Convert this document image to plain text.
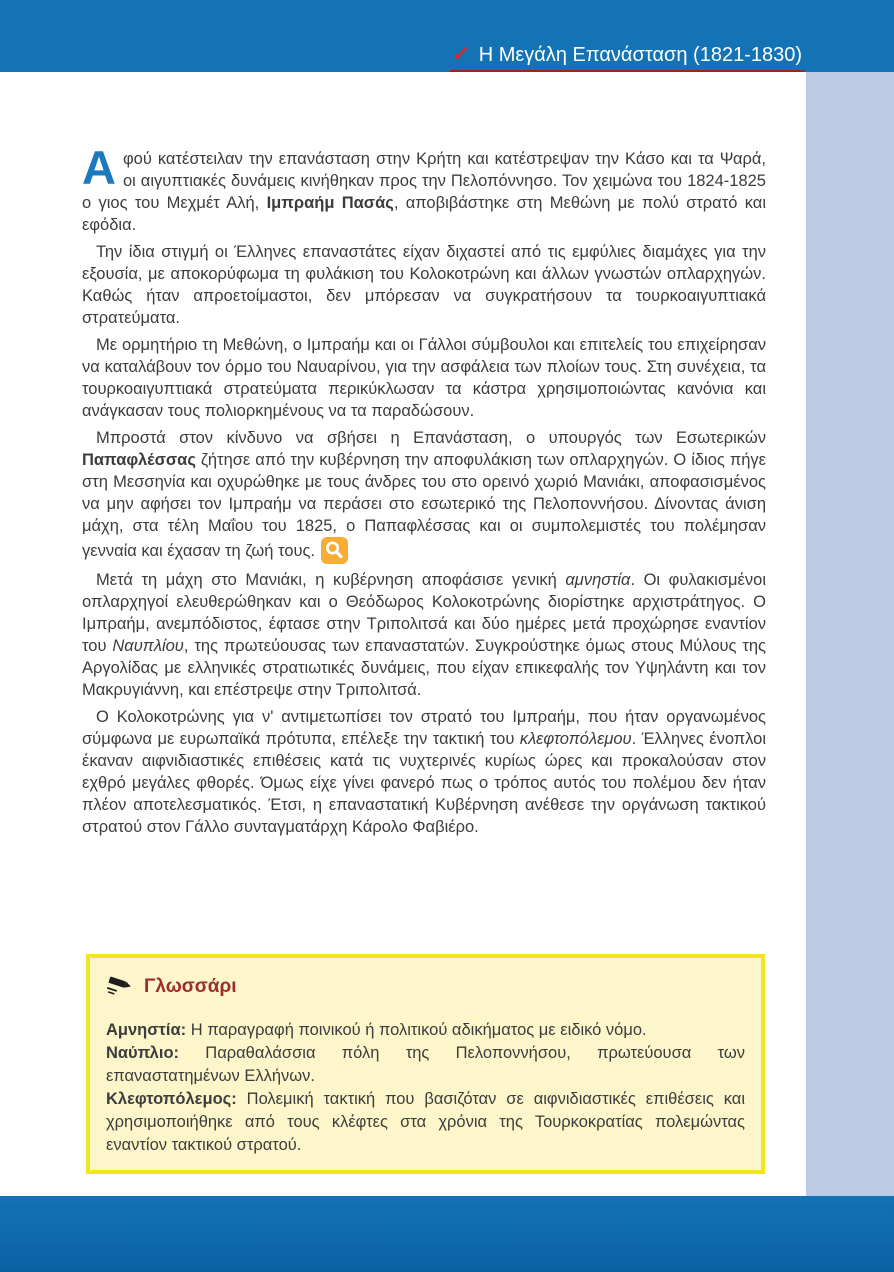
✓ Η Μεγάλη Επανάσταση (1821-1830)

Αφού κατέστειλαν την επανάσταση στην Κρήτη και κατέστρεψαν την Κάσο και τα Ψαρά, οι αιγυπτιακές δυνάμεις κινήθηκαν προς την Πελοπόννησο. Τον χειμώνα του 1824-1825 ο γιος του Μεχμέτ Αλή, Ιμπραήμ Πασάς, αποβιβάστηκε στη Μεθώνη με πολύ στρατό και εφόδια.

Την ίδια στιγμή οι Έλληνες επαναστάτες είχαν διχαστεί από τις εμφύλιες διαμάχες για την εξουσία, με αποκορύφωμα τη φυλάκιση του Κολοκοτρώνη και άλλων γνωστών οπλαρχηγών. Καθώς ήταν απροετοίμαστοι, δεν μπόρεσαν να συγκρατήσουν τα τουρκοαιγυπτιακά στρατεύματα.

Με ορμητήριο τη Μεθώνη, ο Ιμπραήμ και οι Γάλλοι σύμβουλοι και επιτελείς του επιχείρησαν να καταλάβουν τον όρμο του Ναυαρίνου, για την ασφάλεια των πλοίων τους. Στη συνέχεια, τα τουρκοαιγυπτιακά στρατεύματα περικύκλωσαν τα κάστρα χρησιμοποιώντας κανόνια και ανάγκασαν τους πολιορκημένους να τα παραδώσουν.

Μπροστά στον κίνδυνο να σβήσει η Επανάσταση, ο υπουργός των Εσωτερικών Παπαφλέσσας ζήτησε από την κυβέρνηση την αποφυλάκιση των οπλαρχηγών. Ο ίδιος πήγε στη Μεσσηνία και οχυρώθηκε με τους άνδρες του στο ορεινό χωριό Μανιάκι, αποφασισμένος να μην αφήσει τον Ιμπραήμ να περάσει στο εσωτερικό της Πελοποννήσου. Δίνοντας άνιση μάχη, στα τέλη Μαΐου του 1825, ο Παπαφλέσσας και οι συμπολεμιστές του πολέμησαν γενναία και έχασαν τη ζωή τους.

Μετά τη μάχη στο Μανιάκι, η κυβέρνηση αποφάσισε γενική αμνηστία. Οι φυλακισμένοι οπλαρχηγοί ελευθερώθηκαν και ο Θεόδωρος Κολοκοτρώνης διορίστηκε αρχιστράτηγος. Ο Ιμπραήμ, ανεμπόδιστος, έφτασε στην Τριπολιτσά και δύο ημέρες μετά προχώρησε εναντίον του Ναυπλίου, της πρωτεύουσας των επαναστατών. Συγκρούστηκε όμως στους Μύλους της Αργολίδας με ελληνικές στρατιωτικές δυνάμεις, που είχαν επικεφαλής τον Υψηλάντη και τον Μακρυγιάννη, και επέστρεψε στην Τριπολιτσά.

Ο Κολοκοτρώνης για ν' αντιμετωπίσει τον στρατό του Ιμπραήμ, που ήταν οργανωμένος σύμφωνα με ευρωπαϊκά πρότυπα, επέλεξε την τακτική του κλεφτοπόλεμου. Έλληνες ένοπλοι έκαναν αιφνιδιαστικές επιθέσεις κατά τις νυχτερινές κυρίως ώρες και προκαλούσαν στον εχθρό μεγάλες φθορές. Όμως είχε γίνει φανερό πως ο τρόπος αυτός του πολέμου δεν ήταν πλέον αποτελεσματικός. Έτσι, η επαναστατική Κυβέρνηση ανέθεσε την οργάνωση τακτικού στρατού στον Γάλλο συνταγματάρχη Κάρολο Φαβιέρο.

Γλωσσάρι

Αμνηστία: Η παραγραφή ποινικού ή πολιτικού αδικήματος με ειδικό νόμο.

Ναύπλιο: Παραθαλάσσια πόλη της Πελοποννήσου, πρωτεύουσα των επαναστατημένων Ελλήνων.

Κλεφτοπόλεμος: Πολεμική τακτική που βασιζόταν σε αιφνιδιαστικές επιθέσεις και χρησιμοποιήθηκε από τους κλέφτες στα χρόνια της Τουρκοκρατίας πολεμώντας εναντίον τακτικού στρατού.
